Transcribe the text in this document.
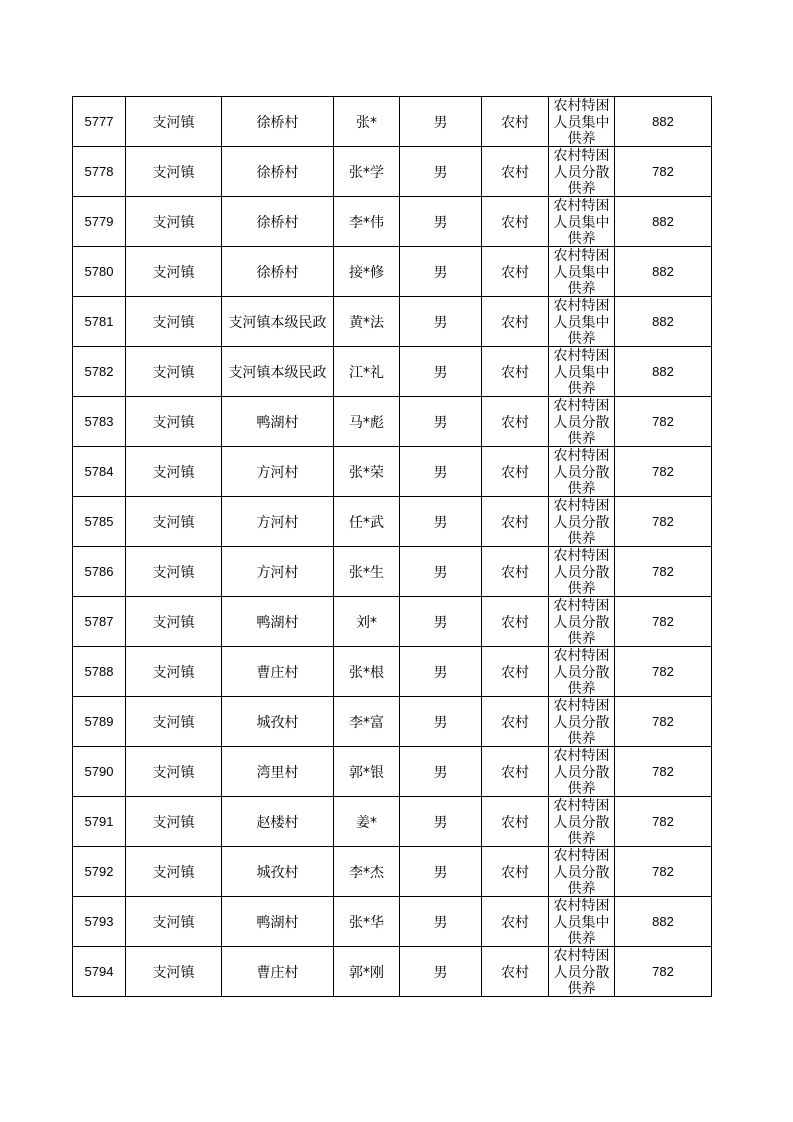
5777	支河镇	徐桥村	张*	男	农村	农村特困人员集中供养	882
5778	支河镇	徐桥村	张*学	男	农村	农村特困人员分散供养	782
5779	支河镇	徐桥村	李*伟	男	农村	农村特困人员集中供养	882
5780	支河镇	徐桥村	接*修	男	农村	农村特困人员集中供养	882
5781	支河镇	支河镇本级民政	黄*法	男	农村	农村特困人员集中供养	882
5782	支河镇	支河镇本级民政	江*礼	男	农村	农村特困人员集中供养	882
5783	支河镇	鸭湖村	马*彪	男	农村	农村特困人员分散供养	782
5784	支河镇	方河村	张*荣	男	农村	农村特困人员分散供养	782
5785	支河镇	方河村	任*武	男	农村	农村特困人员分散供养	782
5786	支河镇	方河村	张*生	男	农村	农村特困人员分散供养	782
5787	支河镇	鸭湖村	刘*	男	农村	农村特困人员分散供养	782
5788	支河镇	曹庄村	张*根	男	农村	农村特困人员分散供养	782
5789	支河镇	城孜村	李*富	男	农村	农村特困人员分散供养	782
5790	支河镇	湾里村	郭*银	男	农村	农村特困人员分散供养	782
5791	支河镇	赵楼村	姜*	男	农村	农村特困人员分散供养	782
5792	支河镇	城孜村	李*杰	男	农村	农村特困人员分散供养	782
5793	支河镇	鸭湖村	张*华	男	农村	农村特困人员集中供养	882
5794	支河镇	曹庄村	郭*刚	男	农村	农村特困人员分散供养	782
